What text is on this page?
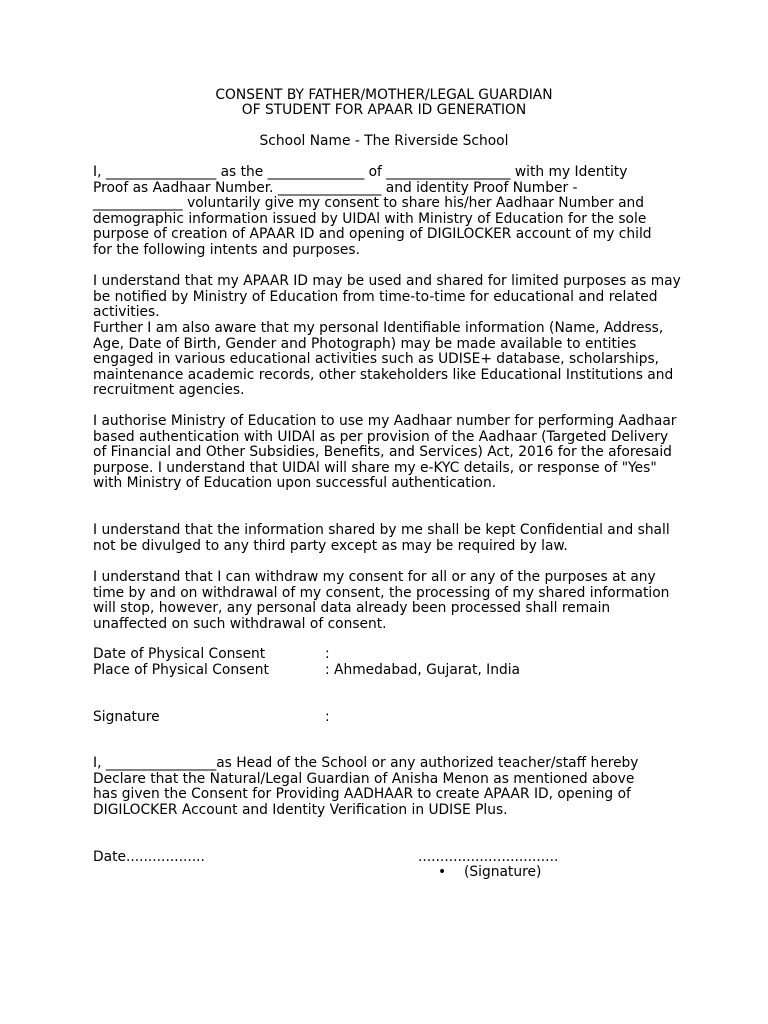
CONSENT BY FATHER/MOTHER/LEGAL GUARDIAN

OF STUDENT FOR APAAR ID GENERATION

School Name - The Riverside School

I, ________________ as the ______________ of __________________ with my Identity
Proof as Aadhaar Number. _______________ and identity Proof Number -
_____________ voluntarily give my consent to share his/her Aadhaar Number and
demographic information issued by UIDAl with Ministry of Education for the sole
purpose of creation of APAAR ID and opening of DIGILOCKER account of my child
for the following intents and purposes.

I understand that my APAAR ID may be used and shared for limited purposes as may be notified by Ministry of Education from time-to-time for educational and related activities.

Further I am also aware that my personal Identifiable information (Name, Address, Age, Date of Birth, Gender and Photograph) may be made available to entities engaged in various educational activities such as UDISE+ database, scholarships, maintenance academic records, other stakeholders like Educational Institutions and recruitment agencies.

I authorise Ministry of Education to use my Aadhaar number for performing Aadhaar based authentication with UIDAl as per provision of the Aadhaar (Targeted Delivery of Financial and Other Subsidies, Benefits, and Services) Act, 2016 for the aforesaid purpose. I understand that UIDAl will share my e-KYC details, or response of "Yes" with Ministry of Education upon successful authentication.

I understand that the information shared by me shall be kept Confidential and shall not be divulged to any third party except as may be required by law.

I understand that I can withdraw my consent for all or any of the purposes at any time by and on withdrawal of my consent, the processing of my shared information will stop, however, any personal data already been processed shall remain unaffected on such withdrawal of consent.

Date of Physical Consent	:
Place of Physical Consent	: Ahmedabad, Gujarat, India
Signature	:
I, ________________as Head of the School or any authorized teacher/staff hereby
Declare that the Natural/Legal Guardian of Anisha Menon as mentioned above
has given the Consent for Providing AADHAAR to create APAAR ID, opening of
DIGILOCKER Account and Identity Verification in UDISE Plus.
Date..................	................................
• (Signature)
